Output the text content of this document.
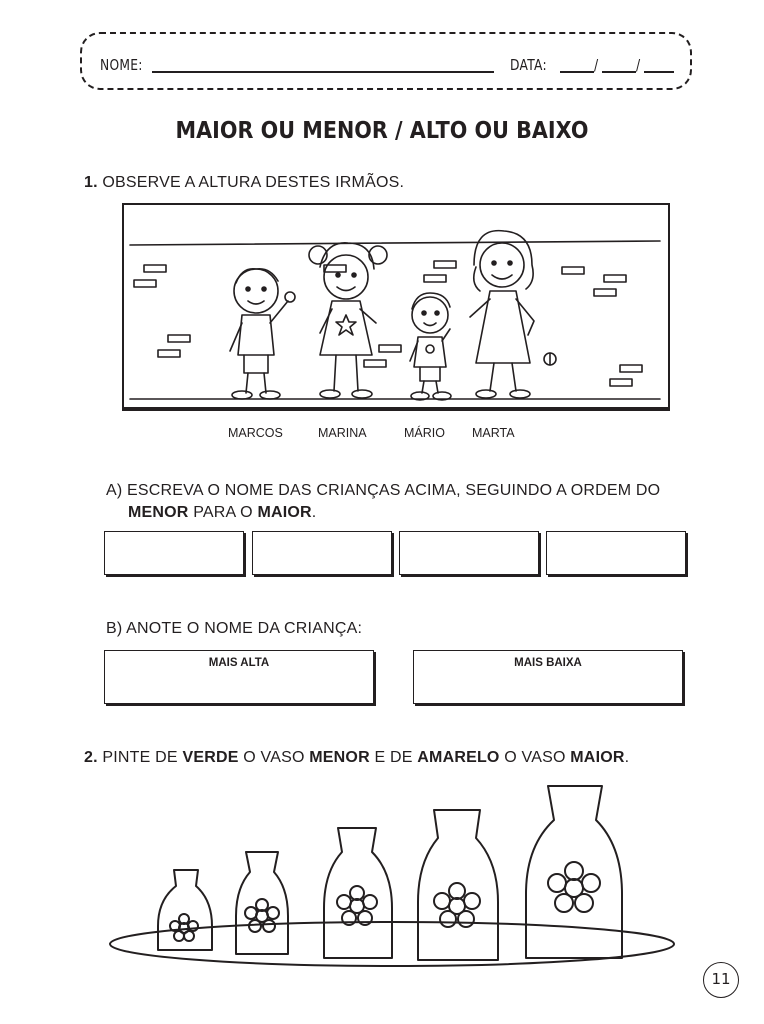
NOME:	DATA:	/	/
MAIOR OU MENOR / ALTO OU BAIXO
1. OBSERVE A ALTURA DESTES IRMÃOS.
MARCOS	MARINA	MÁRIO MARTA
A) ESCREVA O NOME DAS CRIANÇAS ACIMA, SEGUINDO A ORDEM DO
MENOR PARA O MAIOR.
B) ANOTE O NOME DA CRIANÇA:
MAIS ALTA	MAIS BAIXA
2. PINTE DE VERDE O VASO MENOR E DE AMARELO O VASO MAIOR.
11
